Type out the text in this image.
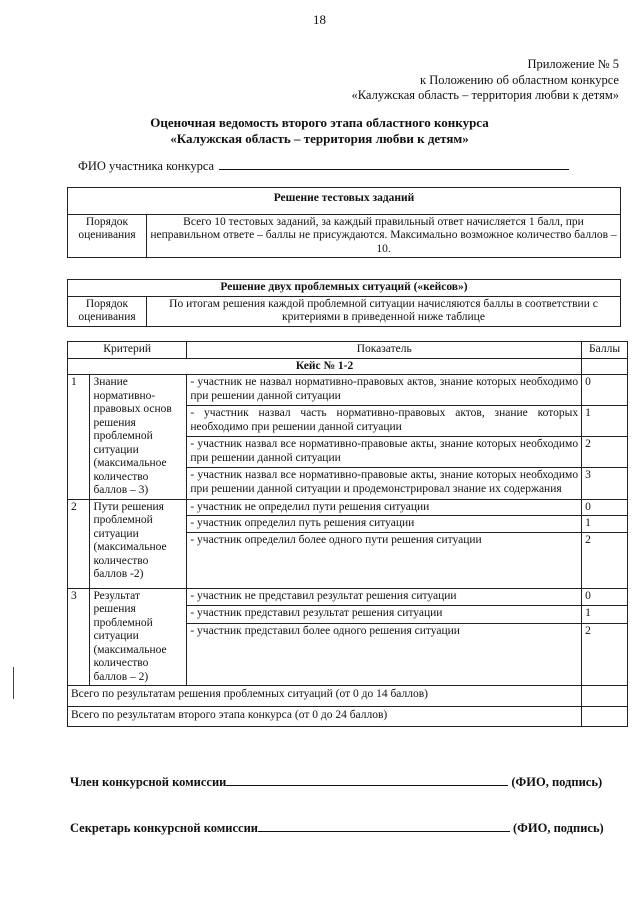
18
Приложение № 5
к Положению об областном конкурсе
«Калужская область – территория любви к детям»
Оценочная ведомость второго этапа областного конкурса
«Калужская область – территория любви к детям»
ФИО участника конкурса
Решение тестовых заданий
Порядок оценивания	Всего 10 тестовых заданий, за каждый правильный ответ начисляется 1 балл, при неправильном ответе – баллы не присуждаются. Максимально возможное количество баллов – 10.
Решение двух проблемных ситуаций («кейсов»)
Порядок оценивания	По итогам решения каждой проблемной ситуации начисляются баллы в соответствии с критериями в приведенной ниже таблице
Критерий		Показатель	Баллы
Кейс № 1-2			
1	Знание нормативно-правовых основ решения проблемной ситуации (максимальное количество баллов – 3)	- участник не назвал нормативно-правовых актов, знание которых необходимо при решении данной ситуации	0
		- участник назвал часть нормативно-правовых актов, знание которых необходимо при решении данной ситуации	1
		- участник назвал все нормативно-правовые акты, знание которых необходимо при решении данной ситуации	2
		- участник назвал все нормативно-правовые акты, знание которых необходимо при решении данной ситуации и продемонстрировал знание их содержания	3
2	Пути решения проблемной ситуации (максимальное количество баллов -2)	- участник не определил пути решения ситуации	0
		- участник определил путь решения ситуации	1
		- участник определил более одного пути решения ситуации	2
3	Результат решения проблемной ситуации (максимальное количество баллов – 2)	- участник не представил результат решения ситуации	0
		- участник представил результат решения ситуации	1
		- участник представил более одного решения ситуации	2
Всего по результатам решения проблемных ситуаций (от 0 до 14 баллов)			
Всего по результатам второго этапа конкурса (от 0 до 24 баллов)			
Член конкурсной комиссии	(ФИО, подпись)
Секретарь конкурсной комиссии	(ФИО, подпись)
